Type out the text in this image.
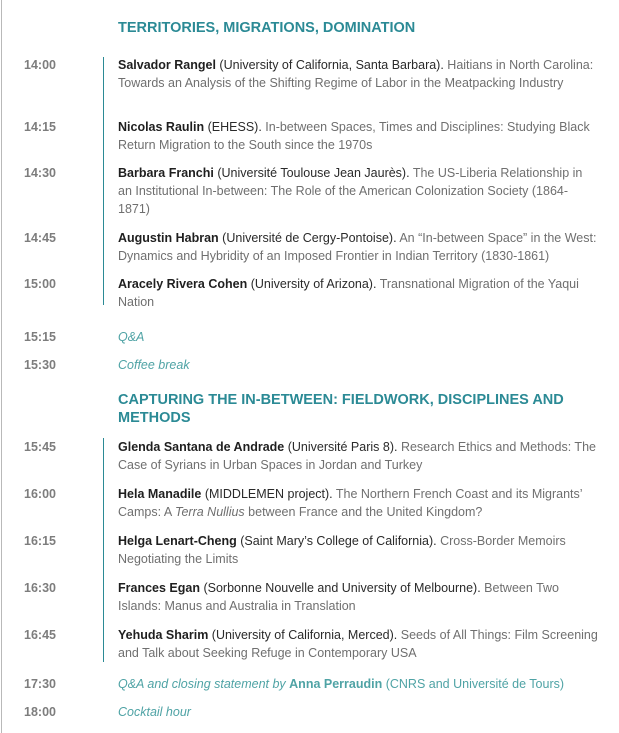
TERRITORIES, MIGRATIONS, DOMINATION
14:00	Salvador Rangel (University of California, Santa Barbara). Haitians in North Carolina: Towards an Analysis of the Shifting Regime of Labor in the Meatpacking Industry
14:15	Nicolas Raulin (EHESS). In-between Spaces, Times and Disciplines: Studying Black Return Migration to the South since the 1970s
14:30	Barbara Franchi (Université Toulouse Jean Jaurès). The US-Liberia Relationship in an Institutional In-between: The Role of the American Colonization Society (1864-1871)
14:45	Augustin Habran (Université de Cergy-Pontoise). An “In-between Space” in the West: Dynamics and Hybridity of an Imposed Frontier in Indian Territory (1830-1861)
15:00	Aracely Rivera Cohen (University of Arizona). Transnational Migration of the Yaqui Nation
15:15	Q&A
15:30	Coffee break
CAPTURING THE IN-BETWEEN: FIELDWORK, DISCIPLINES AND METHODS
15:45	Glenda Santana de Andrade (Université Paris 8). Research Ethics and Methods: The Case of Syrians in Urban Spaces in Jordan and Turkey
16:00	Hela Manadile (MIDDLEMEN project). The Northern French Coast and its Migrants’ Camps: A Terra Nullius between France and the United Kingdom?
16:15	Helga Lenart-Cheng (Saint Mary’s College of California). Cross-Border Memoirs Negotiating the Limits
16:30	Frances Egan (Sorbonne Nouvelle and University of Melbourne). Between Two Islands: Manus and Australia in Translation
16:45	Yehuda Sharim (University of California, Merced). Seeds of All Things: Film Screening and Talk about Seeking Refuge in Contemporary USA
17:30	Q&A and closing statement by Anna Perraudin (CNRS and Université de Tours)
18:00	Cocktail hour
